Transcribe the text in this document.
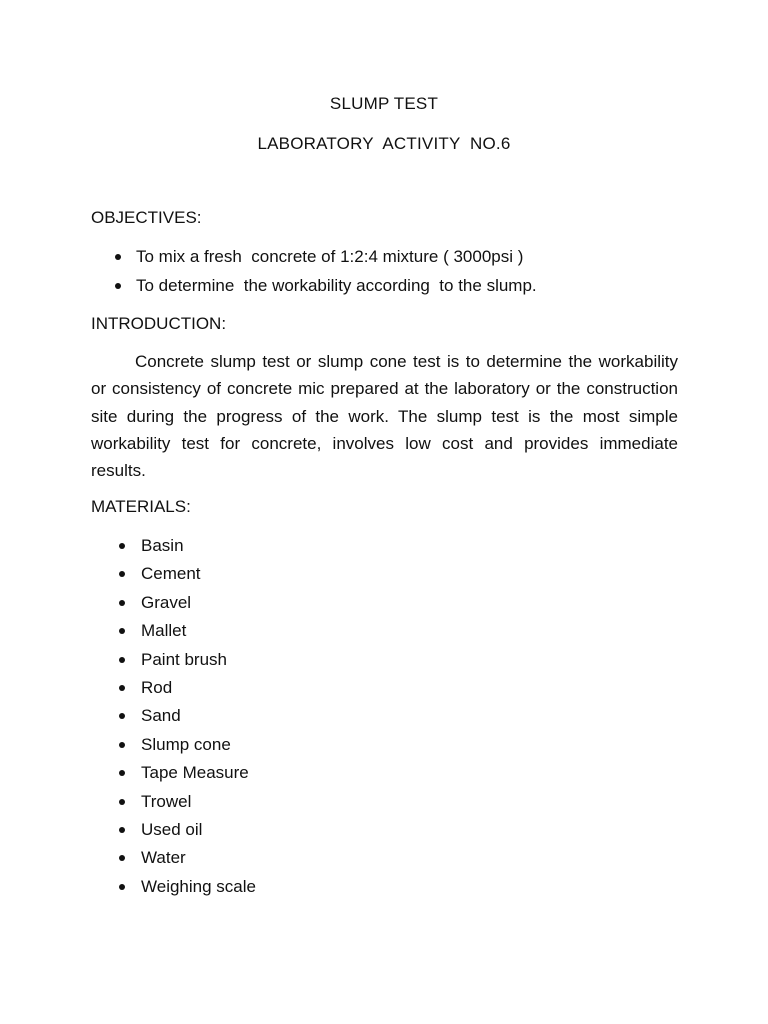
SLUMP TEST
LABORATORY  ACTIVITY  NO.6
OBJECTIVES:
To mix a fresh  concrete of 1:2:4 mixture ( 3000psi )
To determine  the workability according  to the slump.
INTRODUCTION:

Concrete slump test or slump cone test is to determine the workability or consistency of concrete mic prepared at the laboratory or the construction site during the progress of the work. The slump test is the most simple workability test for concrete, involves low cost and provides immediate results.

MATERIALS:
Basin
Cement
Gravel
Mallet
Paint brush
Rod
Sand
Slump cone
Tape Measure
Trowel
Used oil
Water
Weighing scale
